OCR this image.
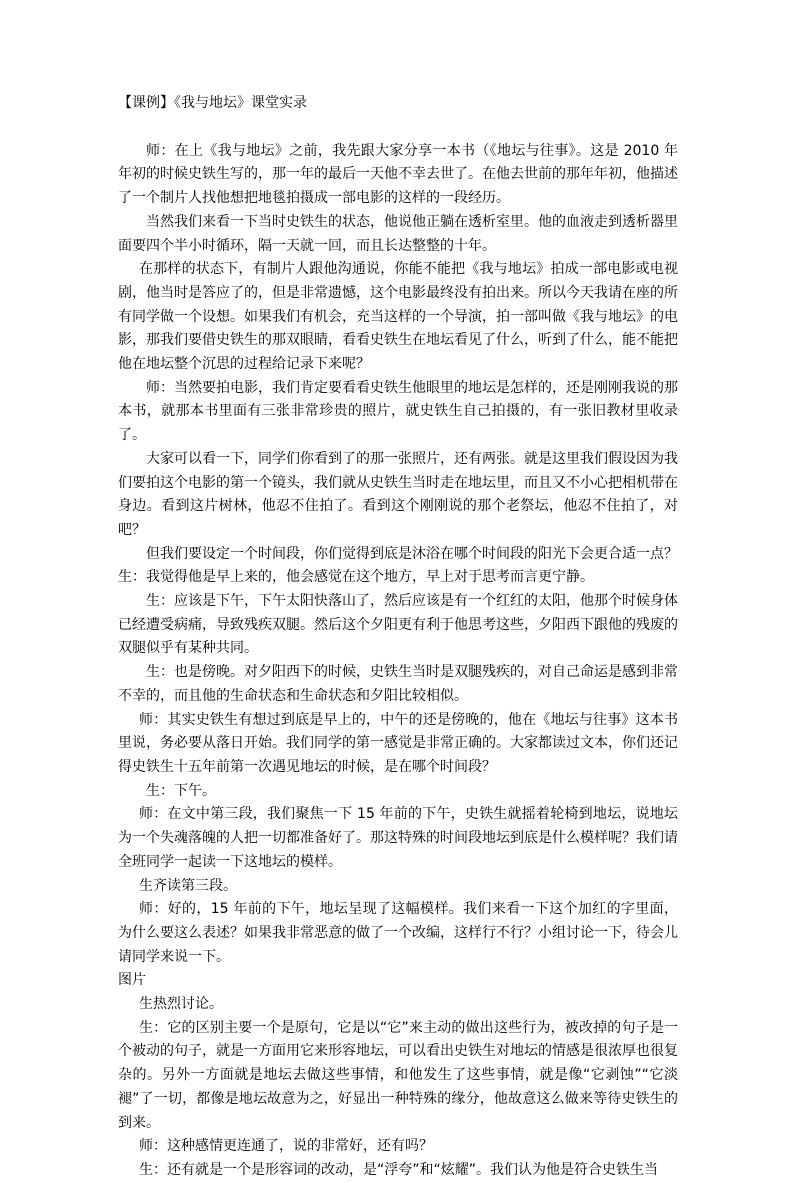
【课例】《我与地坛》课堂实录

师：在上《我与地坛》之前，我先跟大家分享一本书（《地坛与往事》。这是 2010 年年初的时候史铁生写的，那一年的最后一天他不幸去世了。在他去世前的那年年初，他描述了一个制片人找他想把地毯拍摄成一部电影的这样的一段经历。

当然我们来看一下当时史铁生的状态，他说他正躺在透析室里。他的血液走到透析器里面要四个半小时循环，隔一天就一回，而且长达整整的十年。

在那样的状态下，有制片人跟他沟通说，你能不能把《我与地坛》拍成一部电影或电视剧，他当时是答应了的，但是非常遗憾，这个电影最终没有拍出来。所以今天我请在座的所有同学做一个设想。如果我们有机会，充当这样的一个导演，拍一部叫做《我与地坛》的电影，那我们要借史铁生的那双眼睛，看看史铁生在地坛看见了什么，听到了什么，能不能把他在地坛整个沉思的过程给记录下来呢？

师：当然要拍电影，我们肯定要看看史铁生他眼里的地坛是怎样的，还是刚刚我说的那本书，就那本书里面有三张非常珍贵的照片，就史铁生自己拍摄的，有一张旧教材里收录了。

大家可以看一下，同学们你看到了的那一张照片，还有两张。就是这里我们假设因为我们要拍这个电影的第一个镜头，我们就从史铁生当时走在地坛里，而且又不小心把相机带在身边。看到这片树林，他忍不住拍了。看到这个刚刚说的那个老祭坛，他忍不住拍了，对吧？

但我们要设定一个时间段，你们觉得到底是沐浴在哪个时间段的阳光下会更合适一点？

生：我觉得他是早上来的，他会感觉在这个地方，早上对于思考而言更宁静。

生：应该是下午，下午太阳快落山了，然后应该是有一个红红的太阳，他那个时候身体已经遭受病痛，导致残疾双腿。然后这个夕阳更有利于他思考这些，夕阳西下跟他的残废的双腿似乎有某种共同。

生：也是傍晚。对夕阳西下的时候，史铁生当时是双腿残疾的，对自己命运是感到非常不幸的，而且他的生命状态和生命状态和夕阳比较相似。

师：其实史铁生有想过到底是早上的，中午的还是傍晚的，他在《地坛与往事》这本书里说，务必要从落日开始。我们同学的第一感觉是非常正确的。大家都读过文本，你们还记得史铁生十五年前第一次遇见地坛的时候，是在哪个时间段？

生：下午。

师：在文中第三段，我们聚焦一下 15 年前的下午，史铁生就摇着轮椅到地坛，说地坛为一个失魂落魄的人把一切都准备好了。那这特殊的时间段地坛到底是什么模样呢？我们请全班同学一起读一下这地坛的模样。

生齐读第三段。

师：好的，15 年前的下午，地坛呈现了这幅模样。我们来看一下这个加红的字里面，为什么要这么表述？如果我非常恶意的做了一个改编，这样行不行？小组讨论一下，待会儿请同学来说一下。

图片

生热烈讨论。

生：它的区别主要一个是原句，它是以“它”来主动的做出这些行为，被改掉的句子是一个被动的句子，就是一方面用它来形容地坛，可以看出史铁生对地坛的情感是很浓厚也很复杂的。另外一方面就是地坛去做这些事情，和他发生了这些事情，就是像“它剥蚀”“它淡褪”了一切，都像是地坛故意为之，好显出一种特殊的缘分，他故意这么做来等待史铁生的到来。

师：这种感情更连通了，说的非常好，还有吗？

生：还有就是一个是形容词的改动，是“浮夸”和“炫耀”。我们认为他是符合史铁生当
